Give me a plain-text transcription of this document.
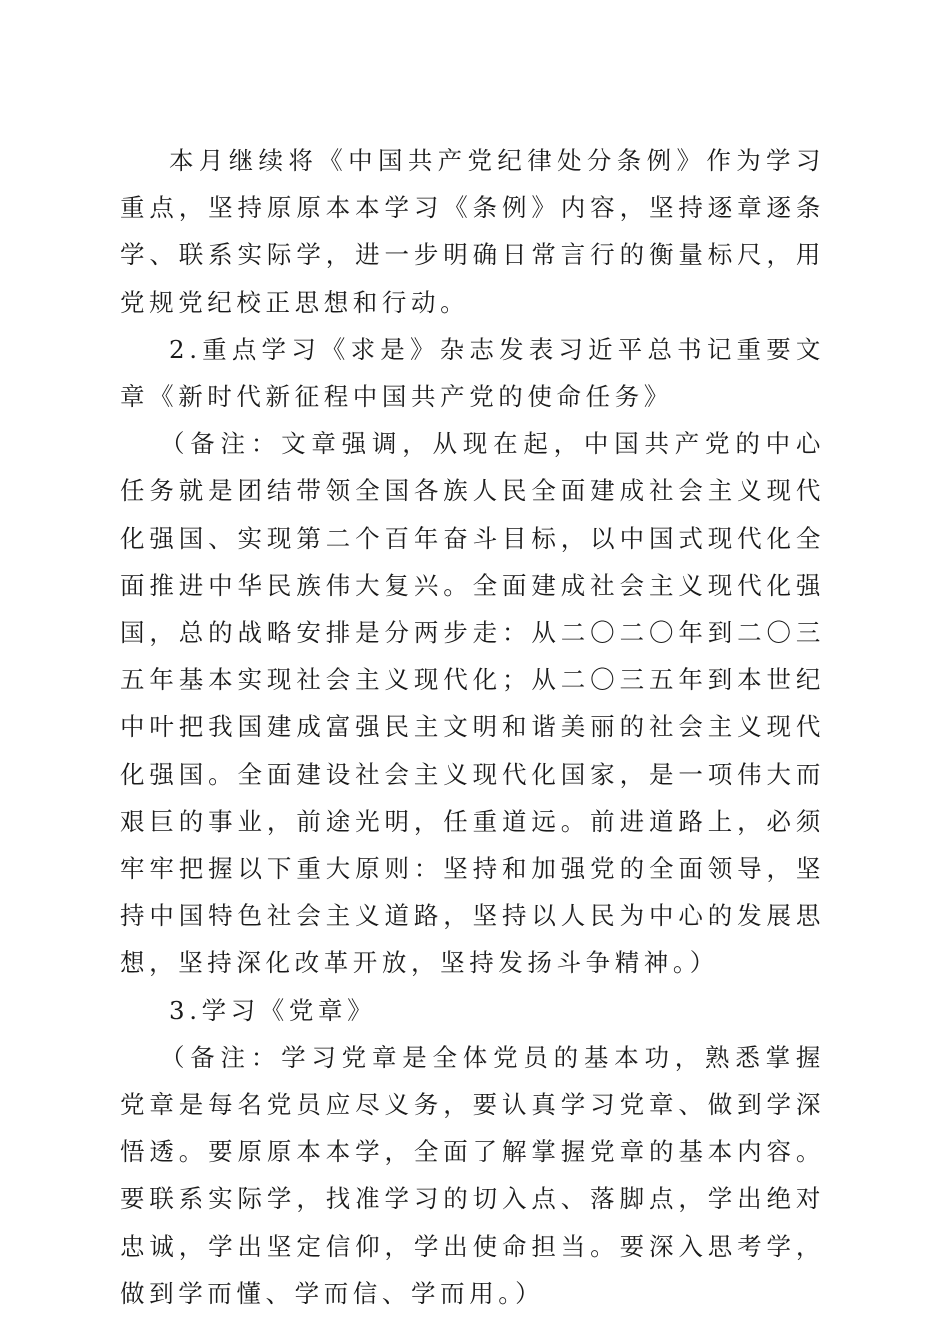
本月继续将《中国共产党纪律处分条例》作为学习重点，坚持原原本本学习《条例》内容，坚持逐章逐条学、联系实际学，进一步明确日常言行的衡量标尺，用党规党纪校正思想和行动。

2.重点学习《求是》杂志发表习近平总书记重要文章《新时代新征程中国共产党的使命任务》

（备注：文章强调，从现在起，中国共产党的中心任务就是团结带领全国各族人民全面建成社会主义现代化强国、实现第二个百年奋斗目标，以中国式现代化全面推进中华民族伟大复兴。全面建成社会主义现代化强国，总的战略安排是分两步走：从二〇二〇年到二〇三五年基本实现社会主义现代化；从二〇三五年到本世纪中叶把我国建成富强民主文明和谐美丽的社会主义现代化强国。全面建设社会主义现代化国家，是一项伟大而艰巨的事业，前途光明，任重道远。前进道路上，必须牢牢把握以下重大原则：坚持和加强党的全面领导，坚持中国特色社会主义道路，坚持以人民为中心的发展思想，坚持深化改革开放，坚持发扬斗争精神。）

3.学习《党章》

（备注：学习党章是全体党员的基本功，熟悉掌握党章是每名党员应尽义务，要认真学习党章、做到学深悟透。要原原本本学，全面了解掌握党章的基本内容。要联系实际学，找准学习的切入点、落脚点，学出绝对忠诚，学出坚定信仰，学出使命担当。要深入思考学，做到学而懂、学而信、学而用。）
